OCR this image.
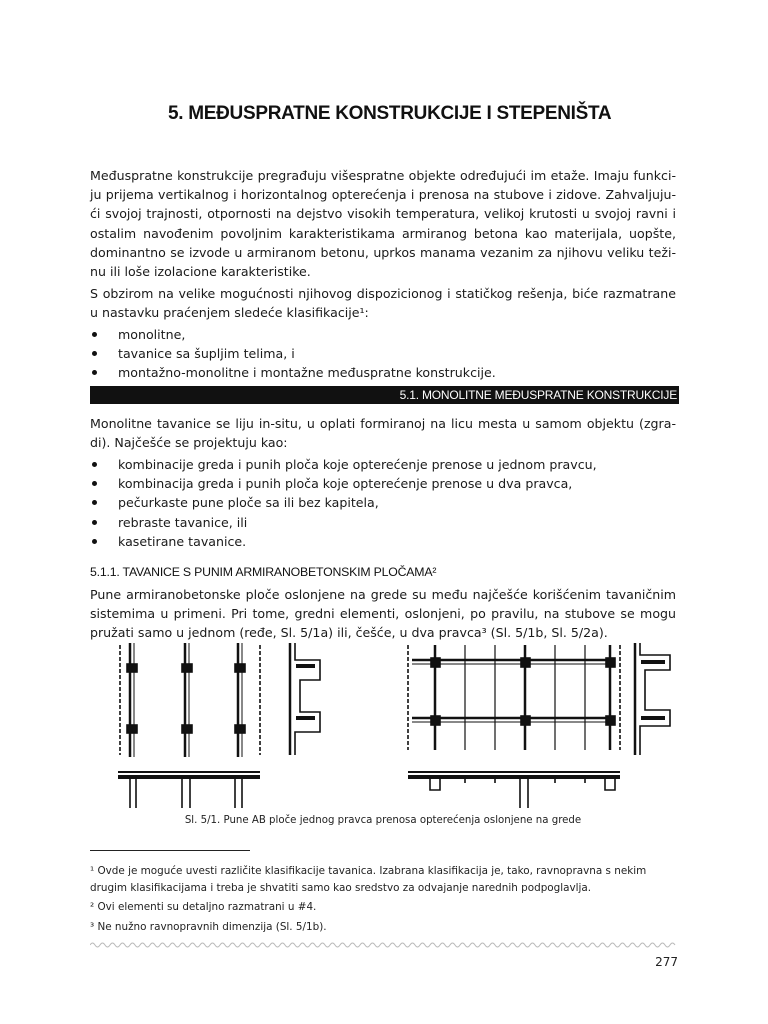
5. MEĐUSPRATNE KONSTRUKCIJE I STEPENIŠTA
Međuspratne konstrukcije pregrađuju višespratne objekte određujući im etaže. Imaju funkci-ju prijema vertikalnog i horizontalnog opterećenja i prenosa na stubove i zidove. Zahvaljuju-ći svojoj trajnosti, otpornosti na dejstvo visokih temperatura, velikoj krutosti u svojoj ravni i ostalim navođenim povoljnim karakteristikama armiranog betona kao materijala, uopšte, dominantno se izvode u armiranom betonu, uprkos manama vezanim za njihovu veliku teži-nu ili loše izolacione karakteristike.
S obzirom na velike mogućnosti njihovog dispozicionog i statičkog rešenja, biće razmatrane u nastavku praćenjem sledeće klasifikacije¹:
monolitne,
tavanice sa šupljim telima, i
montažno-monolitne i montažne međuspratne konstrukcije.
5.1. MONOLITNE MEĐUSPRATNE KONSTRUKCIJE
Monolitne tavanice se liju in-situ, u oplati formiranoj na licu mesta u samom objektu (zgra-di). Najčešće se projektuju kao:
kombinacije greda i punih ploča koje opterećenje prenose u jednom pravcu,
kombinacija greda i punih ploča koje opterećenje prenose u dva pravca,
pečurkaste pune ploče sa ili bez kapitela,
rebraste tavanice, ili
kasetirane tavanice.
5.1.1. TAVANICE S PUNIM ARMIRANOBETONSKIM PLOČAMA²
Pune armiranobetonske ploče oslonjene na grede su među najčešće korišćenim tavaničnim sistemima u primeni. Pri tome, gredni elementi, oslonjeni, po pravilu, na stubove se mogu pružati samo u jednom (ređe, Sl. 5/1a) ili, češće, u dva pravca³ (Sl. 5/1b, Sl. 5/2a).
Sl. 5/1. Pune AB ploče jednog pravca prenosa opterećenja oslonjene na grede
¹ Ovde je moguće uvesti različite klasifikacije tavanica. Izabrana klasifikacija je, tako, ravnopravna s nekim drugim klasifikacijama i treba je shvatiti samo kao sredstvo za odvajanje narednih podpoglavlja.
² Ovi elementi su detaljno razmatrani u #4.
³ Ne nužno ravnopravnih dimenzija (Sl. 5/1b).
277
